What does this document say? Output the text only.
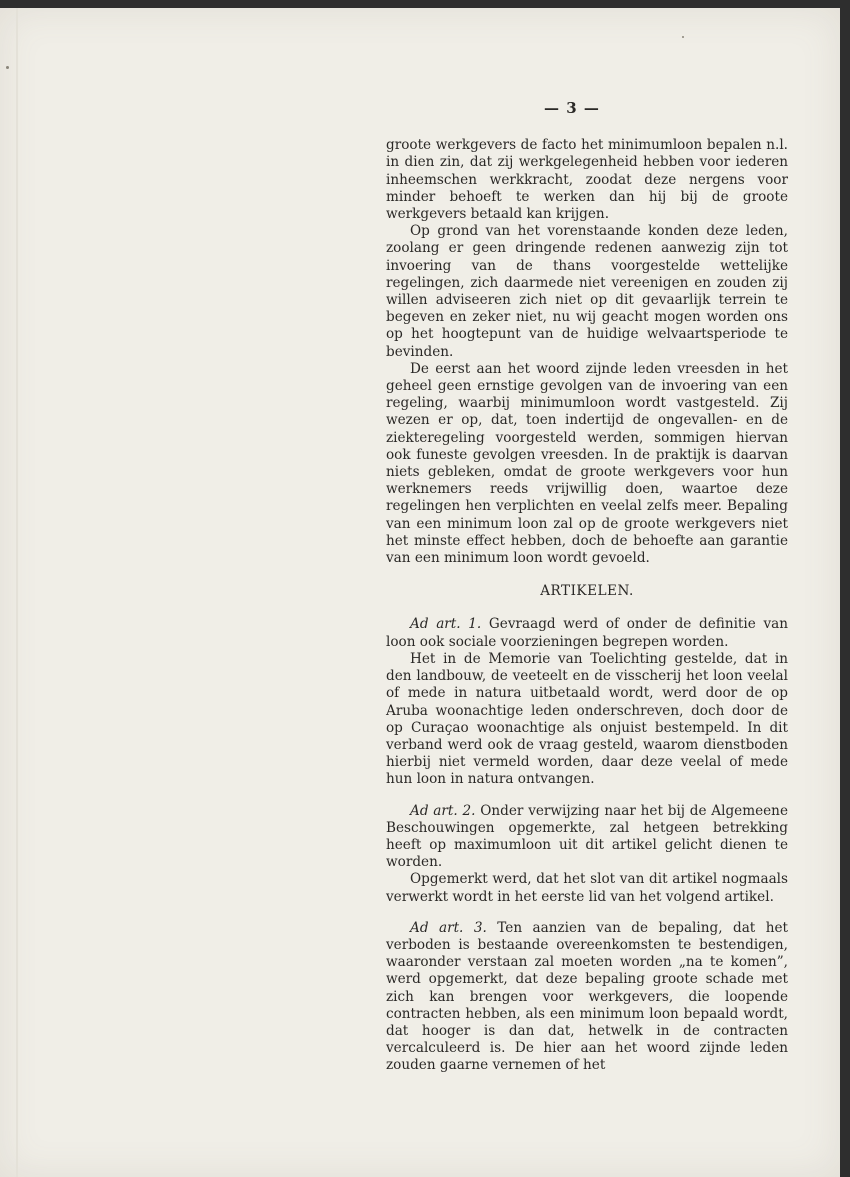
— 3 —

groote werkgevers de facto het minimumloon bepalen n.l. in dien zin, dat zij werkgelegenheid hebben voor iederen inheemschen werkkracht, zoodat deze nergens voor minder behoeft te werken dan hij bij de groote werkgevers betaald kan krijgen.

Op grond van het vorenstaande konden deze leden, zoolang er geen dringende redenen aanwezig zijn tot invoering van de thans voorgestelde wettelijke regelingen, zich daarmede niet vereenigen en zouden zij willen adviseeren zich niet op dit gevaarlijk terrein te begeven en zeker niet, nu wij geacht mogen worden ons op het hoogtepunt van de huidige welvaartsperiode te bevinden.

De eerst aan het woord zijnde leden vreesden in het geheel geen ernstige gevolgen van de invoering van een regeling, waarbij minimumloon wordt vastgesteld. Zij wezen er op, dat, toen indertijd de ongevallen- en de ziekteregeling voorgesteld werden, sommigen hiervan ook funeste gevolgen vreesden. In de praktijk is daarvan niets gebleken, omdat de groote werkgevers voor hun werknemers reeds vrijwillig doen, waartoe deze regelingen hen verplichten en veelal zelfs meer. Bepaling van een minimum loon zal op de groote werkgevers niet het minste effect hebben, doch de behoefte aan garantie van een minimum loon wordt gevoeld.

ARTIKELEN.

Ad art. 1. Gevraagd werd of onder de definitie van loon ook sociale voorzieningen begrepen worden.

Het in de Memorie van Toelichting gestelde, dat in den landbouw, de veeteelt en de visscherij het loon veelal of mede in natura uitbetaald wordt, werd door de op Aruba woonachtige leden onderschreven, doch door de op Curaçao woonachtige als onjuist bestempeld. In dit verband werd ook de vraag gesteld, waarom dienstboden hierbij niet vermeld worden, daar deze veelal of mede hun loon in natura ontvangen.

Ad art. 2. Onder verwijzing naar het bij de Algemeene Beschouwingen opgemerkte, zal hetgeen betrekking heeft op maximumloon uit dit artikel gelicht dienen te worden.

Opgemerkt werd, dat het slot van dit artikel nogmaals verwerkt wordt in het eerste lid van het volgend artikel.

Ad art. 3. Ten aanzien van de bepaling, dat het verboden is bestaande overeenkomsten te bestendigen, waaronder verstaan zal moeten worden „na te komen”, werd opgemerkt, dat deze bepaling groote schade met zich kan brengen voor werkgevers, die loopende contracten hebben, als een minimum loon bepaald wordt, dat hooger is dan dat, hetwelk in de contracten vercalculeerd is. De hier aan het woord zijnde leden zouden gaarne vernemen of het
